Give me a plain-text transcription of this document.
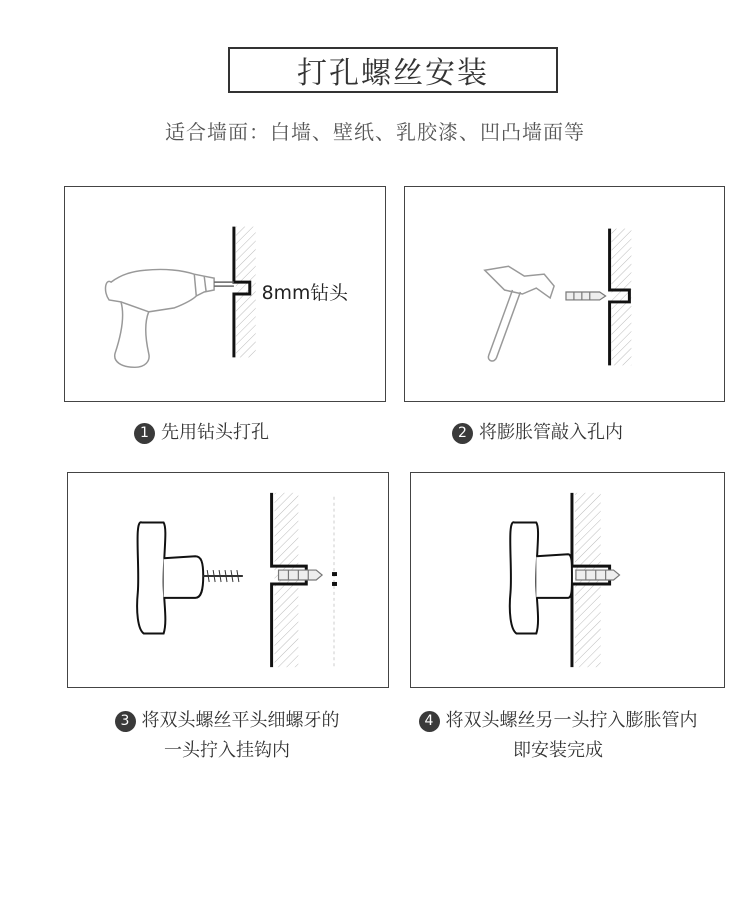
打孔螺丝安装
适合墙面：白墙、壁纸、乳胶漆、凹凸墙面等
8mm钻头
1 先用钻头打孔	2 将膨胀管敲入孔内
3 将双头螺丝平头细螺牙的
一头拧入挂钩内
4 将双头螺丝另一头拧入膨胀管内
即安装完成
